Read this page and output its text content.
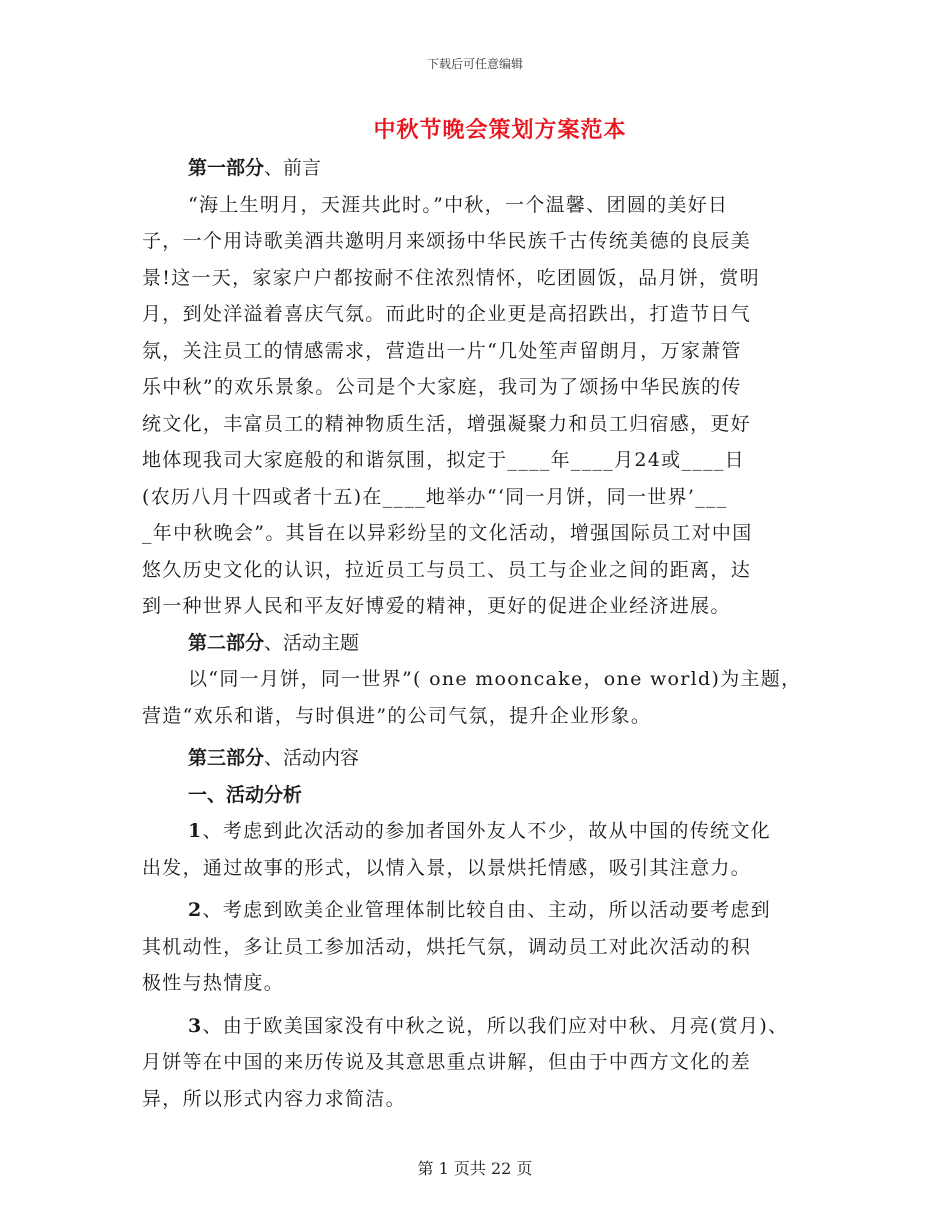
下载后可任意编辑
中秋节晚会策划方案范本
第一部分、前言
“海上生明月，天涯共此时。”中秋，一个温馨、团圆的美好日
子，一个用诗歌美酒共邀明月来颂扬中华民族千古传统美德的良辰美
景!这一天，家家户户都按耐不住浓烈情怀，吃团圆饭，品月饼，赏明
月，到处洋溢着喜庆气氛。而此时的企业更是高招跌出，打造节日气
氛，关注员工的情感需求，营造出一片“几处笙声留朗月，万家萧管
乐中秋”的欢乐景象。公司是个大家庭，我司为了颂扬中华民族的传
统文化，丰富员工的精神物质生活，增强凝聚力和员工归宿感，更好
地体现我司大家庭般的和谐氛围，拟定于____年____月24或____日
(农历八月十四或者十五)在____地举办“‘同一月饼，同一世界’___
_年中秋晚会”。其旨在以异彩纷呈的文化活动，增强国际员工对中国
悠久历史文化的认识，拉近员工与员工、员工与企业之间的距离，达
到一种世界人民和平友好博爱的精神，更好的促进企业经济进展。
第二部分、活动主题
以“同一月饼，同一世界”( one mooncake，one world)为主题，
营造“欢乐和谐，与时俱进”的公司气氛，提升企业形象。
第三部分、活动内容
一、活动分析
1、考虑到此次活动的参加者国外友人不少，故从中国的传统文化
出发，通过故事的形式，以情入景，以景烘托情感，吸引其注意力。
2、考虑到欧美企业管理体制比较自由、主动，所以活动要考虑到
其机动性，多让员工参加活动，烘托气氛，调动员工对此次活动的积
极性与热情度。
3、由于欧美国家没有中秋之说，所以我们应对中秋、月亮(赏月)、
月饼等在中国的来历传说及其意思重点讲解，但由于中西方文化的差
异，所以形式内容力求简洁。
第 1 页共 22 页
